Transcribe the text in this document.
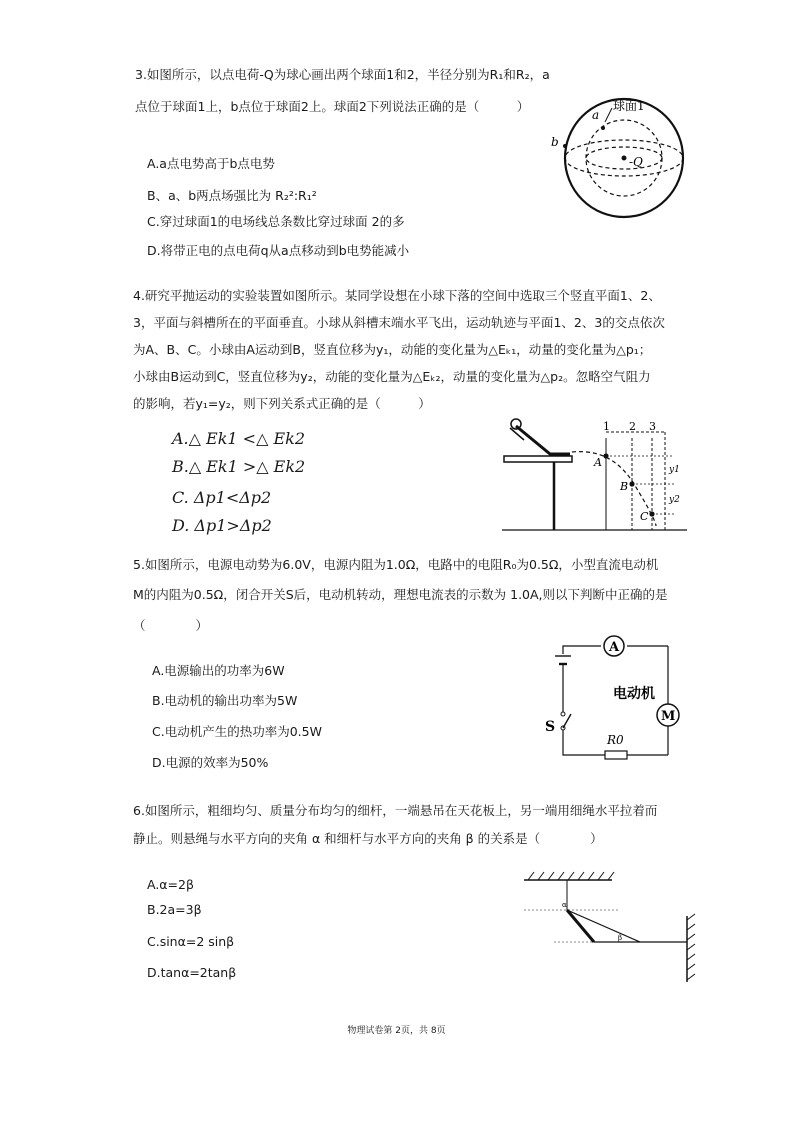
3.如图所示，以点电荷-Q为球心画出两个球面1和2，半径分别为R₁和R₂，a
点位于球面1上，b点位于球面2上。球面2下列说法正确的是（　　　）
A.a点电势高于b点电势
B、a、b两点场强比为 R₂²:R₁²
C.穿过球面1的电场线总条数比穿过球面 2的多
D.将带正电的点电荷q从a点移动到b电势能减小
球面1
a
b
-Q
4.研究平抛运动的实验装置如图所示。某同学设想在小球下落的空间中选取三个竖直平面1、2、
3，平面与斜槽所在的平面垂直。小球从斜槽末端水平飞出，运动轨迹与平面1、2、3的交点依次
为A、B、C。小球由A运动到B，竖直位移为y₁，动能的变化量为△Eₖ₁，动量的变化量为△p₁；
小球由B运动到C，竖直位移为y₂，动能的变化量为△Eₖ₂，动量的变化量为△p₂。忽略空气阻力
的影响，若y₁=y₂，则下列关系式正确的是（　　　）
A.△ Ek1 <△ Ek2
B.△ Ek1 >△ Ek2
C. Δp1<Δp2
D. Δp1>Δp2
1 2 3
A
B
C
y1
y2
5.如图所示，电源电动势为6.0V，电源内阻为1.0Ω，电路中的电阻R₀为0.5Ω，小型直流电动机
M的内阻为0.5Ω，闭合开关S后，电动机转动，理想电流表的示数为 1.0A,则以下判断中正确的是
（　　　　）
A.电源输出的功率为6W
B.电动机的输出功率为5W
C.电动机产生的热功率为0.5W
D.电源的效率为50%
A
M
电动机
R0
S
6.如图所示，粗细均匀、质量分布均匀的细杆，一端悬吊在天花板上，另一端用细绳水平拉着而
静止。则悬绳与水平方向的夹角 α 和细杆与水平方向的夹角 β 的关系是（　　　　）
A.α=2β
B.2a=3β
C.sinα=2 sinβ
D.tanα=2tanβ
α
β
物理试卷第 2页，共 8页
